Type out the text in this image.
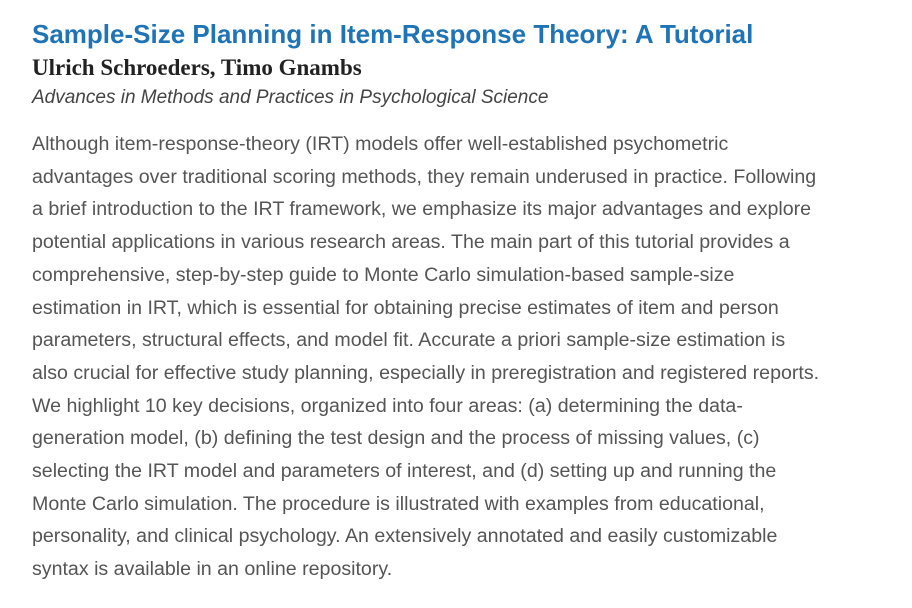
Sample-Size Planning in Item-Response Theory: A Tutorial
Ulrich Schroeders, Timo Gnambs
Advances in Methods and Practices in Psychological Science
Although item-response-theory (IRT) models offer well-established psychometric
advantages over traditional scoring methods, they remain underused in practice. Following
a brief introduction to the IRT framework, we emphasize its major advantages and explore
potential applications in various research areas. The main part of this tutorial provides a
comprehensive, step-by-step guide to Monte Carlo simulation-based sample-size
estimation in IRT, which is essential for obtaining precise estimates of item and person
parameters, structural effects, and model fit. Accurate a priori sample-size estimation is
also crucial for effective study planning, especially in preregistration and registered reports.
We highlight 10 key decisions, organized into four areas: (a) determining the data-
generation model, (b) defining the test design and the process of missing values, (c)
selecting the IRT model and parameters of interest, and (d) setting up and running the
Monte Carlo simulation. The procedure is illustrated with examples from educational,
personality, and clinical psychology. An extensively annotated and easily customizable
syntax is available in an online repository.
